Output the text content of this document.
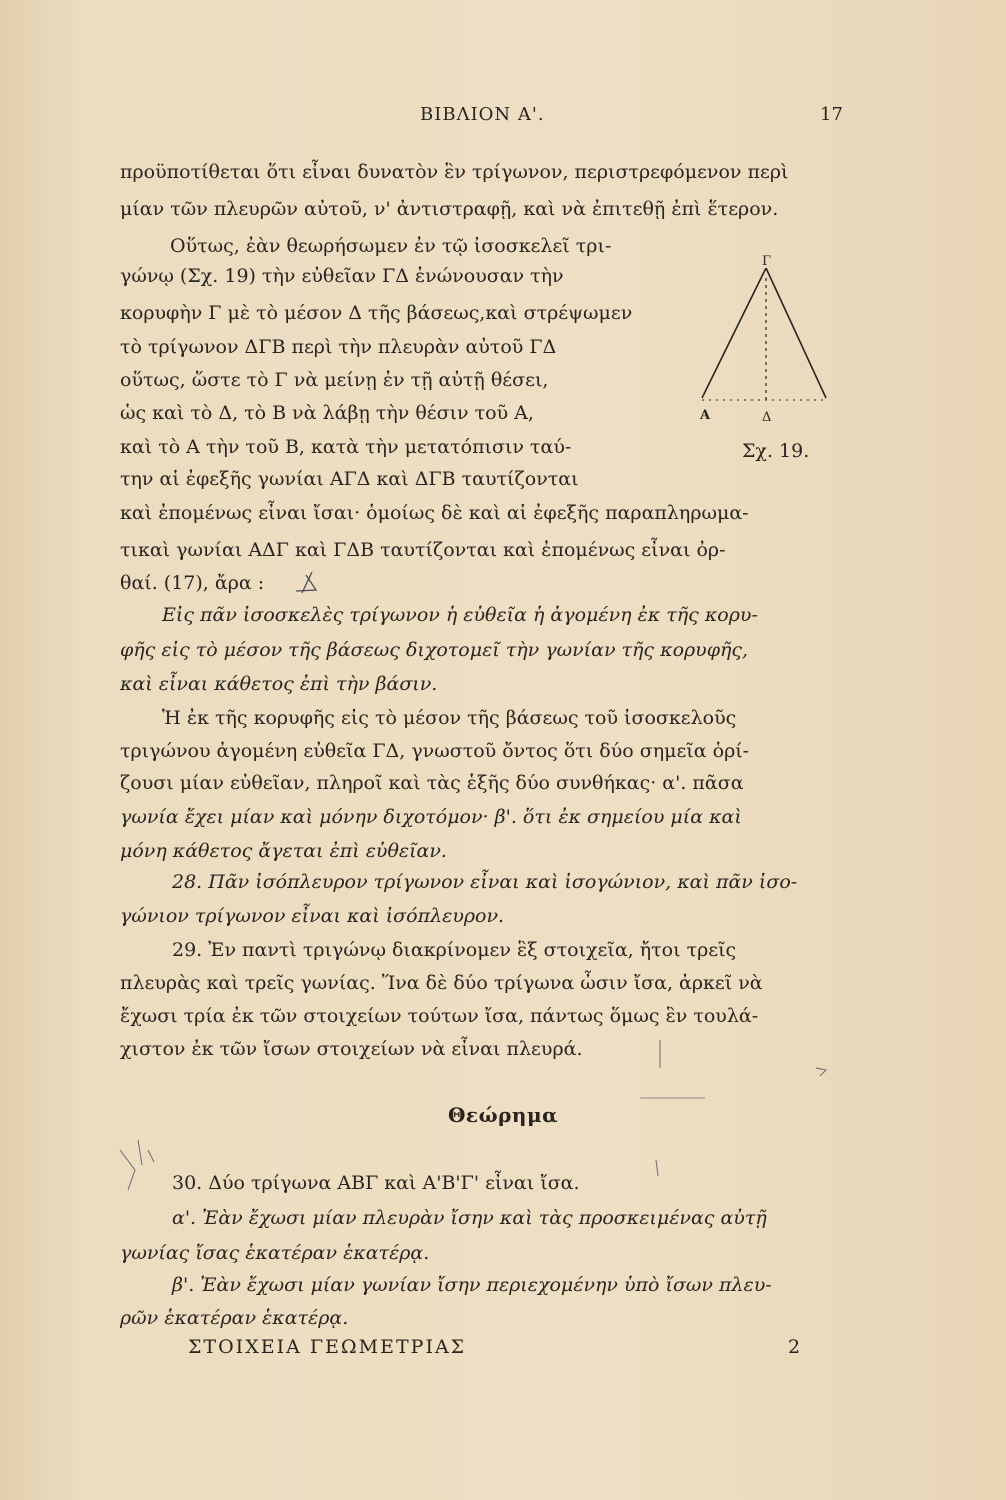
ΒΙΒΛΙΟΝ Α'.	17
προϋποτίθεται ὅτι εἶναι δυνατὸν ἓν τρίγωνον, περιστρεφόμενον περὶ
μίαν τῶν πλευρῶν αὐτοῦ, ν' ἀντιστραφῇ, καὶ νὰ ἐπιτεθῇ ἐπὶ ἕτερον.
Οὕτως, ἐὰν θεωρήσωμεν ἐν τῷ ἰσοσκελεῖ τρι-
γώνῳ (Σχ. 19) τὴν εὐθεῖαν ΓΔ ἑνώνουσαν τὴν
κορυφὴν Γ μὲ τὸ μέσον Δ τῆς βάσεως,καὶ στρέψωμεν
τὸ τρίγωνον ΔΓΒ περὶ τὴν πλευρὰν αὐτοῦ ΓΔ
οὕτως, ὥστε τὸ Γ νὰ μείνῃ ἐν τῇ αὐτῇ θέσει,
ὡς καὶ τὸ Δ, τὸ Β νὰ λάβῃ τὴν θέσιν τοῦ Α,
καὶ τὸ Α τὴν τοῦ Β, κατὰ τὴν μετατόπισιν ταύ-
την αἱ ἐφεξῆς γωνίαι ΑΓΔ καὶ ΔΓΒ ταυτίζονται
καὶ ἐπομένως εἶναι ἴσαι· ὁμοίως δὲ καὶ αἱ ἐφεξῆς παραπληρωμα-
τικαὶ γωνίαι ΑΔΓ καὶ ΓΔΒ ταυτίζονται καὶ ἐπομένως εἶναι ὀρ-
θαί. (17), ἄρα :
Εἰς πᾶν ἰσοσκελὲς τρίγωνον ἡ εὐθεῖα ἡ ἀγομένη ἐκ τῆς κορυ-
φῆς εἰς τὸ μέσον τῆς βάσεως διχοτομεῖ τὴν γωνίαν τῆς κορυφῆς,
καὶ εἶναι κάθετος ἐπὶ τὴν βάσιν.
Ἡ ἐκ τῆς κορυφῆς εἰς τὸ μέσον τῆς βάσεως τοῦ ἰσοσκελοῦς
τριγώνου ἀγομένη εὐθεῖα ΓΔ, γνωστοῦ ὄντος ὅτι δύο σημεῖα ὁρί-
ζουσι μίαν εὐθεῖαν, πληροῖ καὶ τὰς ἑξῆς δύο συνθήκας· α'. πᾶσα
γωνία ἔχει μίαν καὶ μόνην διχοτόμον· β'. ὅτι ἐκ σημείου μία καὶ
μόνη κάθετος ἄγεται ἐπὶ εὐθεῖαν.
28. Πᾶν ἰσόπλευρον τρίγωνον εἶναι καὶ ἰσογώνιον, καὶ πᾶν ἰσο-
γώνιον τρίγωνον εἶναι καὶ ἰσόπλευρον.
29. Ἐν παντὶ τριγώνῳ διακρίνομεν ἓξ στοιχεῖα, ἤτοι τρεῖς
πλευρὰς καὶ τρεῖς γωνίας. Ἵνα δὲ δύο τρίγωνα ὦσιν ἴσα, ἀρκεῖ νὰ
ἔχωσι τρία ἐκ τῶν στοιχείων τούτων ἴσα, πάντως ὅμως ἓν τουλά-
χιστον ἐκ τῶν ἴσων στοιχείων νὰ εἶναι πλευρά.
Γ
Α	Δ
Σχ. 19.
Θεώρημα
30. Δύο τρίγωνα ΑΒΓ καὶ Α'Β'Γ' εἶναι ἴσα.
α'. Ἐὰν ἔχωσι μίαν πλευρὰν ἴσην καὶ τὰς προσκειμένας αὐτῇ
γωνίας ἴσας ἑκατέραν ἑκατέρᾳ.
β'. Ἐὰν ἔχωσι μίαν γωνίαν ἴσην περιεχομένην ὑπὸ ἴσων πλευ-
ρῶν ἑκατέραν ἑκατέρᾳ.
ΣΤΟΙΧΕΙΑ ΓΕΩΜΕΤΡΙΑΣ	2
